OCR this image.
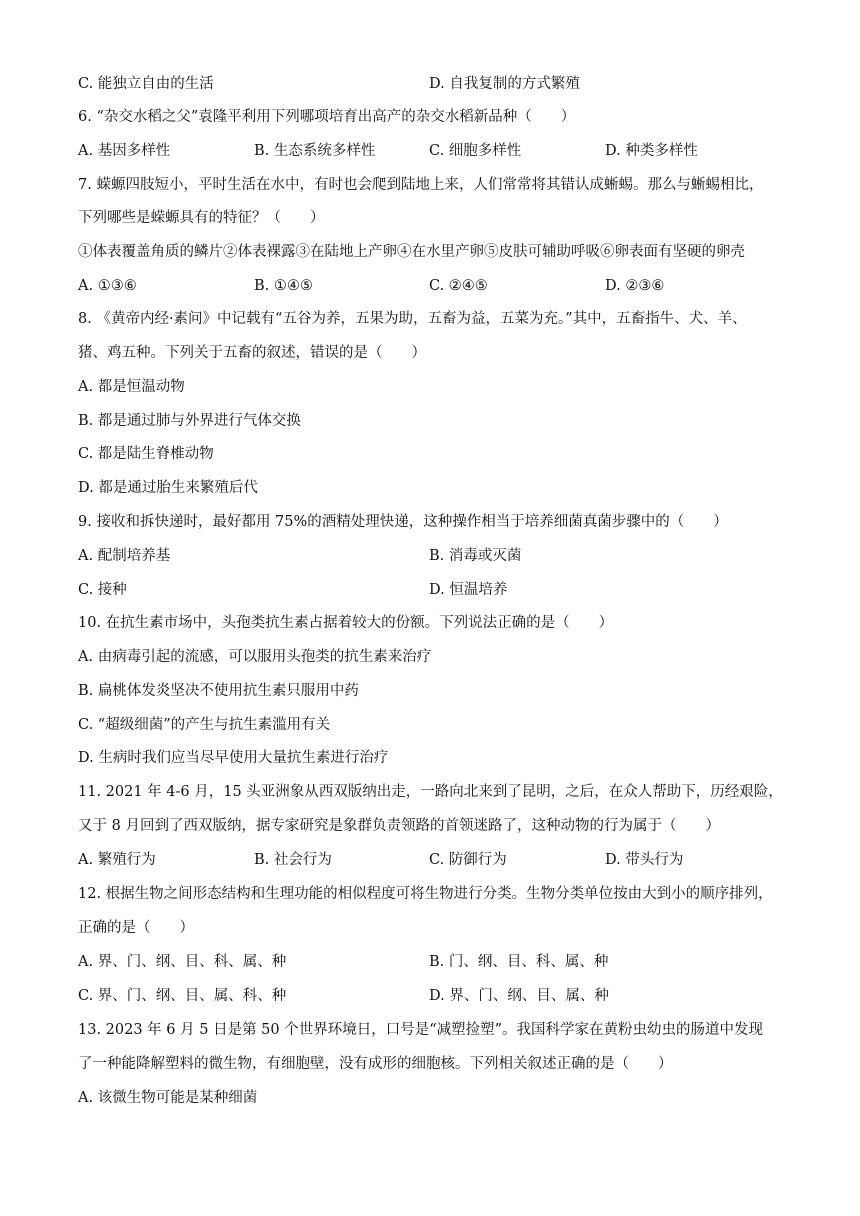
C. 能独立自由的生活	D. 自我复制的方式繁殖
6. “杂交水稻之父”袁隆平利用下列哪项培育出高产的杂交水稻新品种（　　）
A. 基因多样性	B. 生态系统多样性	C. 细胞多样性	D. 种类多样性
7. 蝾螈四肢短小，平时生活在水中，有时也会爬到陆地上来，人们常常将其错认成蜥蜴。那么与蜥蜴相比，
下列哪些是蝾螈具有的特征？（　　）
①体表覆盖角质的鳞片②体表裸露③在陆地上产卵④在水里产卵⑤皮肤可辅助呼吸⑥卵表面有坚硬的卵壳
A. ①③⑥	B. ①④⑤	C. ②④⑤	D. ②③⑥
8. 《黄帝内经·素问》中记载有“五谷为养，五果为助，五畜为益，五菜为充。”其中，五畜指牛、犬、羊、
猪、鸡五种。下列关于五畜的叙述，错误的是（　　）
A. 都是恒温动物
B. 都是通过肺与外界进行气体交换
C. 都是陆生脊椎动物
D. 都是通过胎生来繁殖后代
9. 接收和拆快递时，最好都用 75%的酒精处理快递，这种操作相当于培养细菌真菌步骤中的（　　）
A. 配制培养基	B. 消毒或灭菌
C. 接种	D. 恒温培养
10. 在抗生素市场中，头孢类抗生素占据着较大的份额。下列说法正确的是（　　）
A. 由病毒引起的流感，可以服用头孢类的抗生素来治疗
B. 扁桃体发炎坚决不使用抗生素只服用中药
C. “超级细菌”的产生与抗生素滥用有关
D. 生病时我们应当尽早使用大量抗生素进行治疗
11. 2021 年 4-6 月，15 头亚洲象从西双版纳出走，一路向北来到了昆明，之后，在众人帮助下，历经艰险，
又于 8 月回到了西双版纳，据专家研究是象群负责领路的首领迷路了，这种动物的行为属于（　　）
A. 繁殖行为	B. 社会行为	C. 防御行为	D. 带头行为
12. 根据生物之间形态结构和生理功能的相似程度可将生物进行分类。生物分类单位按由大到小的顺序排列，
正确的是（　　）
A. 界、门、纲、目、科、属、种	B. 门、纲、目、科、属、种
C. 界、门、纲、目、属、科、种	D. 界、门、纲、目、属、种
13. 2023 年 6 月 5 日是第 50 个世界环境日，口号是“减塑捡塑”。我国科学家在黄粉虫幼虫的肠道中发现
了一种能降解塑料的微生物，有细胞壁，没有成形的细胞核。下列相关叙述正确的是（　　）
A. 该微生物可能是某种细菌
